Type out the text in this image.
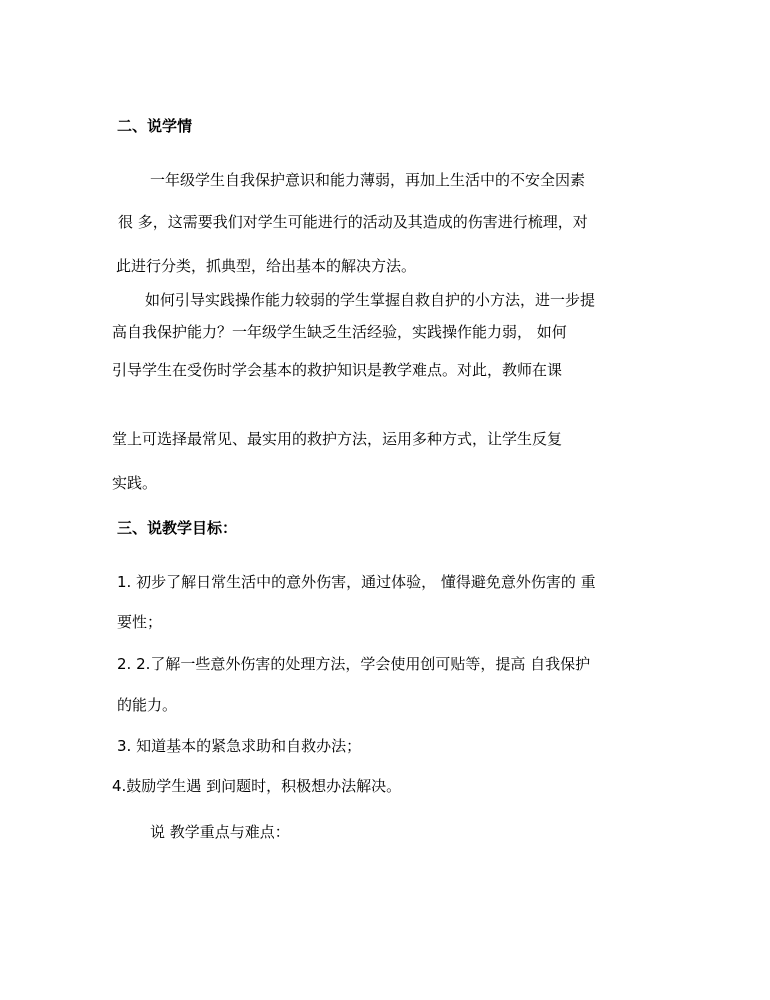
二、说学情
一年级学生自我保护意识和能力薄弱，再加上生活中的不安全因素
很 多，这需要我们对学生可能进行的活动及其造成的伤害进行梳理，对
此进行分类，抓典型，给出基本的解决方法。
如何引导实践操作能力较弱的学生掌握自救自护的小方法，进一步提
高自我保护能力？一年级学生缺乏生活经验，实践操作能力弱， 如何
引导学生在受伤时学会基本的救护知识是教学难点。对此，教师在课
堂上可选择最常见、最实用的救护方法，运用多种方式，让学生反复
实践。
三、说教学目标：
1. 初步了解日常生活中的意外伤害，通过体验， 懂得避免意外伤害的 重
要性；
2. 2.了解一些意外伤害的处理方法，学会使用创可贴等，提高 自我保护
的能力。
3. 知道基本的紧急求助和自救办法；
4.鼓励学生遇 到问题时，积极想办法解决。
说 教学重点与难点：
